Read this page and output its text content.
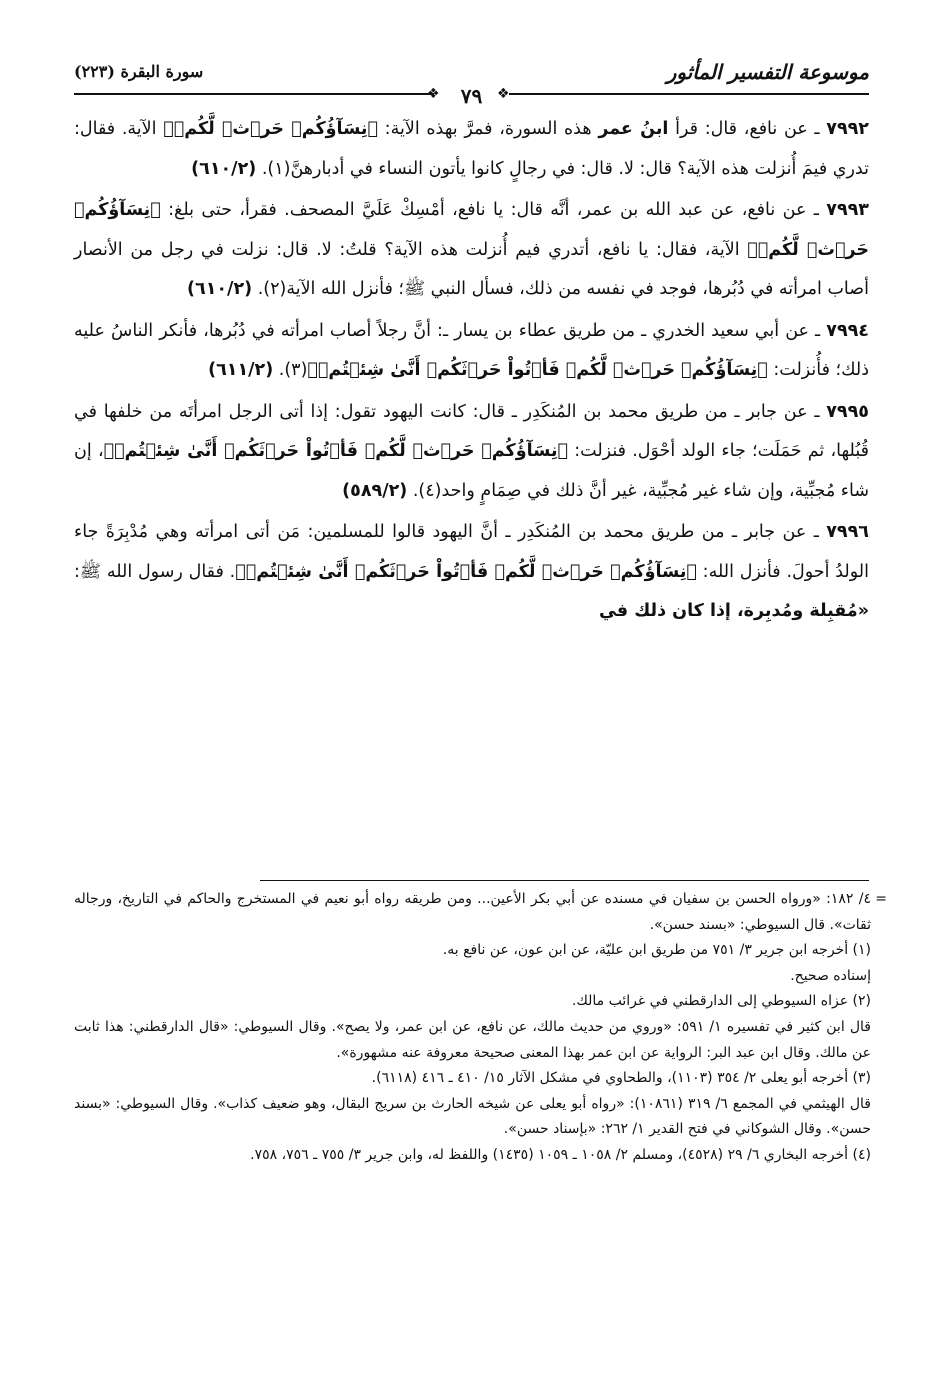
موسوعة التفسير المأثور
سورة البقرة (٢٢٣)
❖	٧٩	❖

٧٩٩٢ ـ عن نافع، قال: قرأ ابنُ عمر هذه السورة، فمرَّ بهذه الآية: ﴿نِسَآؤُكُمۡ حَرۡثٞ لَّكُمۡ﴾ الآية. فقال: تدري فيمَ أُنزلت هذه الآية؟ قال: لا. قال: في رجالٍ كانوا يأتون النساء في أدبارهنَّ(١). (٦١٠/٢)

٧٩٩٣ ـ عن نافع، عن عبد الله بن عمر، أنَّه قال: يا نافع، أمْسِكْ عَلَيَّ المصحف. فقرأ، حتى بلغ: ﴿نِسَآؤُكُمۡ حَرۡثٞ لَّكُمۡ﴾ الآية، فقال: يا نافع، أتدري فيم أُنزلت هذه الآية؟ قلتُ: لا. قال: نزلت في رجل من الأنصار أصاب امرأته في دُبُرها، فوجد في نفسه من ذلك، فسأل النبي ﷺ؛ فأنزل الله الآية(٢). (٦١٠/٢)

٧٩٩٤ ـ عن أبي سعيد الخدري ـ من طريق عطاء بن يسار ـ: أنَّ رجلاً أصاب امرأته في دُبُرها، فأنكر الناسُ عليه ذلك؛ فأُنزلت: ﴿نِسَآؤُكُمۡ حَرۡثٞ لَّكُمۡ فَأۡتُواْ حَرۡثَكُمۡ أَنَّىٰ شِئۡتُمۡ﴾(٣). (٦١١/٢)

٧٩٩٥ ـ عن جابر ـ من طريق محمد بن المُنكَدِر ـ قال: كانت اليهود تقول: إذا أتى الرجل امرأتَه من خلفها في قُبُلها، ثم حَمَلَت؛ جاء الولد أحْوَل. فنزلت: ﴿نِسَآؤُكُمۡ حَرۡثٞ لَّكُمۡ فَأۡتُواْ حَرۡثَكُمۡ أَنَّىٰ شِئۡتُمۡ﴾، إن شاء مُجبِّية، وإن شاء غير مُجبِّية، غير أنَّ ذلك في صِمَامٍ واحد(٤). (٥٨٩/٢)

٧٩٩٦ ـ عن جابر ـ من طريق محمد بن المُنكَدِر ـ أنَّ اليهود قالوا للمسلمين: مَن أتى امرأته وهي مُدْبِرَةً جاء الولدُ أحولَ. فأنزل الله: ﴿نِسَآؤُكُمۡ حَرۡثٞ لَّكُمۡ فَأۡتُواْ حَرۡثَكُمۡ أَنَّىٰ شِئۡتُمۡ﴾. فقال رسول الله ﷺ: «مُقبِلة ومُدبِرة، إذا كان ذلك في

=

٤/ ١٨٢: «ورواه الحسن بن سفيان في مسنده عن أبي بكر الأعين... ومن طريقه رواه أبو نعيم في المستخرج والحاكم في التاريخ، ورجاله ثقات». قال السيوطي: «بسند حسن».

(١) أخرجه ابن جرير ٣/ ٧٥١ من طريق ابن عليّة، عن ابن عون، عن نافع به.

إسناده صحيح.

(٢) عزاه السيوطي إلى الدارقطني في غرائب مالك.

قال ابن كثير في تفسيره ١/ ٥٩١: «وروي من حديث مالك، عن نافع، عن ابن عمر، ولا يصح». وقال السيوطي: «قال الدارقطني: هذا ثابت عن مالك. وقال ابن عبد البر: الرواية عن ابن عمر بهذا المعنى صحيحة معروفة عنه مشهورة».

(٣) أخرجه أبو يعلى ٢/ ٣٥٤ (١١٠٣)، والطحاوي في مشكل الآثار ١٥/ ٤١٠ ـ ٤١٦ (٦١١٨).

قال الهيثمي في المجمع ٦/ ٣١٩ (١٠٨٦١): «رواه أبو يعلى عن شيخه الحارث بن سريج البقال، وهو ضعيف كذاب». وقال السيوطي: «بسند حسن». وقال الشوكاني في فتح القدير ١/ ٢٦٢: «بإسناد حسن».

(٤) أخرجه البخاري ٦/ ٢٩ (٤٥٢٨)، ومسلم ٢/ ١٠٥٨ ـ ١٠٥٩ (١٤٣٥) واللفظ له، وابن جرير ٣/ ٧٥٥ ـ ٧٥٦، ٧٥٨.
